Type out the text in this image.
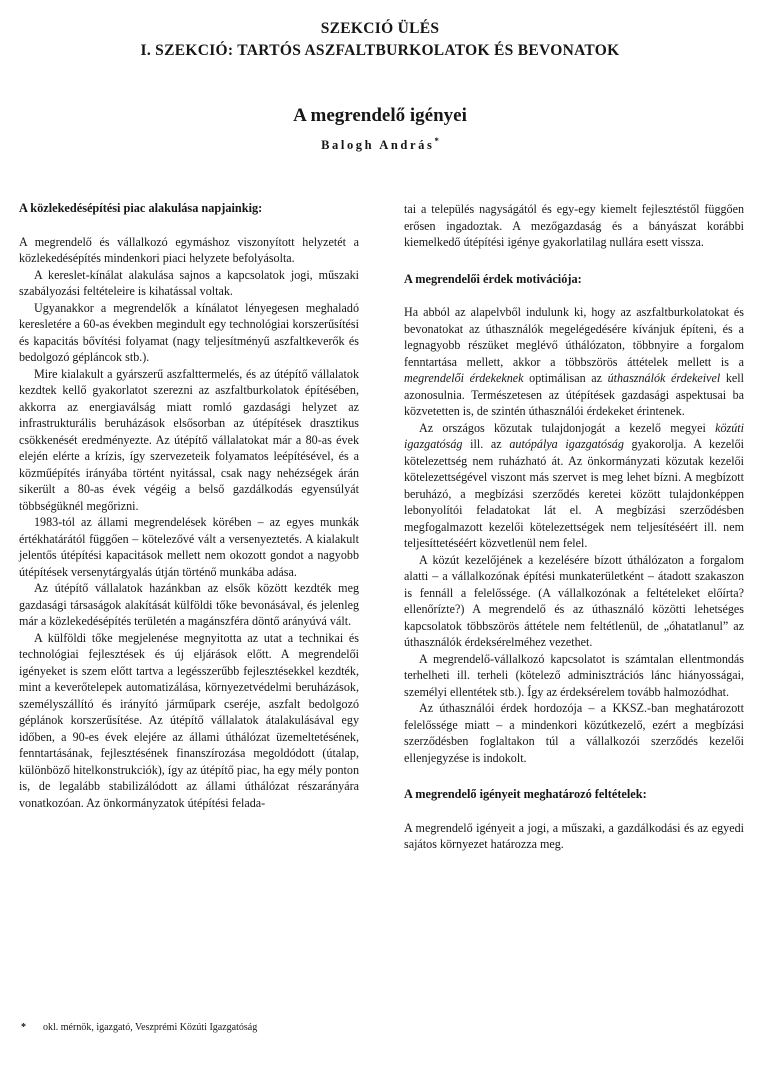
SZEKCIÓ ÜLÉS
I. SZEKCIÓ: TARTÓS ASZFALTBURKOLATOK ÉS BEVONATOK
A megrendelő igényei
Balogh András*
A közlekedésépítési piac alakulása napjainkig:

A megrendelő és vállalkozó egymáshoz viszonyított helyzetét a közlekedésépítés mindenkori piaci helyzete befolyásolta.

A kereslet-kínálat alakulása sajnos a kapcsolatok jogi, műszaki szabályozási feltételeire is kihatással voltak.

Ugyanakkor a megrendelők a kínálatot lényegesen meghaladó keresletére a 60-as években megindult egy technológiai korszerűsítési és kapacitás bővítési folyamat (nagy teljesítményű aszfaltkeverők és bedolgozó gépláncok stb.).

Mire kialakult a gyárszerű aszfalttermelés, és az útépítő vállalatok kezdtek kellő gyakorlatot szerezni az aszfaltburkolatok építésében, akkorra az energiaválság miatt romló gazdasági helyzet az infrastrukturális beruházások elsősorban az útépítések drasztikus csökkenését eredményezte. Az útépítő vállalatokat már a 80-as évek elején elérte a krízis, így szervezeteik folyamatos leépítésével, és a közműépítés irányába történt nyitással, csak nagy nehézségek árán sikerült a 80-as évek végéig a belső gazdálkodás egyensúlyát többségüknél megőrizni.

1983-tól az állami megrendelések körében – az egyes munkák értékhatárától függően – kötelezővé vált a versenyeztetés. A kialakult jelentős útépítési kapacitások mellett nem okozott gondot a nagyobb útépítések versenytárgyalás útján történő munkába adása.

Az útépítő vállalatok hazánkban az elsők között kezdték meg gazdasági társaságok alakítását külföldi tőke bevonásával, és jelenleg már a közlekedésépítés területén a magánszféra döntő arányúvá vált.

A külföldi tőke megjelenése megnyitotta az utat a technikai és technológiai fejlesztések és új eljárások előtt. A megrendelői igényeket is szem előtt tartva a legésszerűbb fejlesztésekkel kezdték, mint a keverőtelepek automatizálása, környezetvédelmi beruházások, személyszállító és irányító járműpark cseréje, aszfalt bedolgozó géplánok korszerűsítése. Az útépítő vállalatok átalakulásával egy időben, a 90-es évek elejére az állami úthálózat üzemeltetésének, fenntartásának, fejlesztésének finanszírozása megoldódott (útalap, különböző hitelkonstrukciók), így az útépítő piac, ha egy mély ponton is, de legalább stabilizálódott az állami úthálózat részarányára vonatkozóan. Az önkormányzatok útépítési felada-

tai a település nagyságától és egy-egy kiemelt fejlesztéstől függően erősen ingadoztak. A mezőgazdaság és a bányászat korábbi kiemelkedő útépítési igénye gyakorlatilag nullára esett vissza.

A megrendelői érdek motivációja:

Ha abból az alapelvből indulunk ki, hogy az aszfaltburkolatokat és bevonatokat az úthasználók megelégedésére kívánjuk építeni, és a legnagyobb részüket meglévő úthálózaton, többnyire a forgalom fenntartása mellett, akkor a többszörös áttételek mellett is a megrendelői érdekeknek optimálisan az úthasználók érdekeivel kell azonosulnia. Természetesen az útépítések gazdasági aspektusai ba közvetetten is, de szintén úthasználói érdekeket érintenek.

Az országos közutak tulajdonjogát a kezelő megyei közúti igazgatóság ill. az autópálya igazgatóság gyakorolja. A kezelői kötelezettség nem ruházható át. Az önkormányzati közutak kezelői kötelezettségével viszont más szervet is meg lehet bízni. A megbízott beruházó, a megbízási szerződés keretei között tulajdonképpen lebonyolítói feladatokat lát el. A megbízási szerződésben megfogalmazott kezelői kötelezettségek nem teljesítéséért ill. nem teljesíttetéséért közvetlenül nem felel.

A közút kezelőjének a kezelésére bízott úthálózaton a forgalom alatti – a vállalkozónak építési munkaterületként – átadott szakaszon is fennáll a felelőssége. (A vállalkozónak a feltételeket előírta? ellenőrízte?) A megrendelő és az úthasználó közötti lehetséges kapcsolatok többszörös áttétele nem feltétlenül, de „óhatatlanul” az úthasználók érdeksérelméhez vezethet.

A megrendelő-vállalkozó kapcsolatot is számtalan ellentmondás terhelheti ill. terheli (kötelező adminisztrációs lánc hiányosságai, személyi ellentétek stb.). Így az érdeksérelem tovább halmozódhat.

Az úthasználói érdek hordozója – a KKSZ.-ban meghatározott felelőssége miatt – a mindenkori közútkezelő, ezért a megbízási szerződésben foglaltakon túl a vállalkozói szerződés kezelői ellenjegyzése is indokolt.

A megrendelő igényeit meghatározó feltételek:

A megrendelő igényeit a jogi, a műszaki, a gazdálkodási és az egyedi sajátos környezet határozza meg.

* okl. mérnök, igazgató, Veszprémi Közúti Igazgatóság
